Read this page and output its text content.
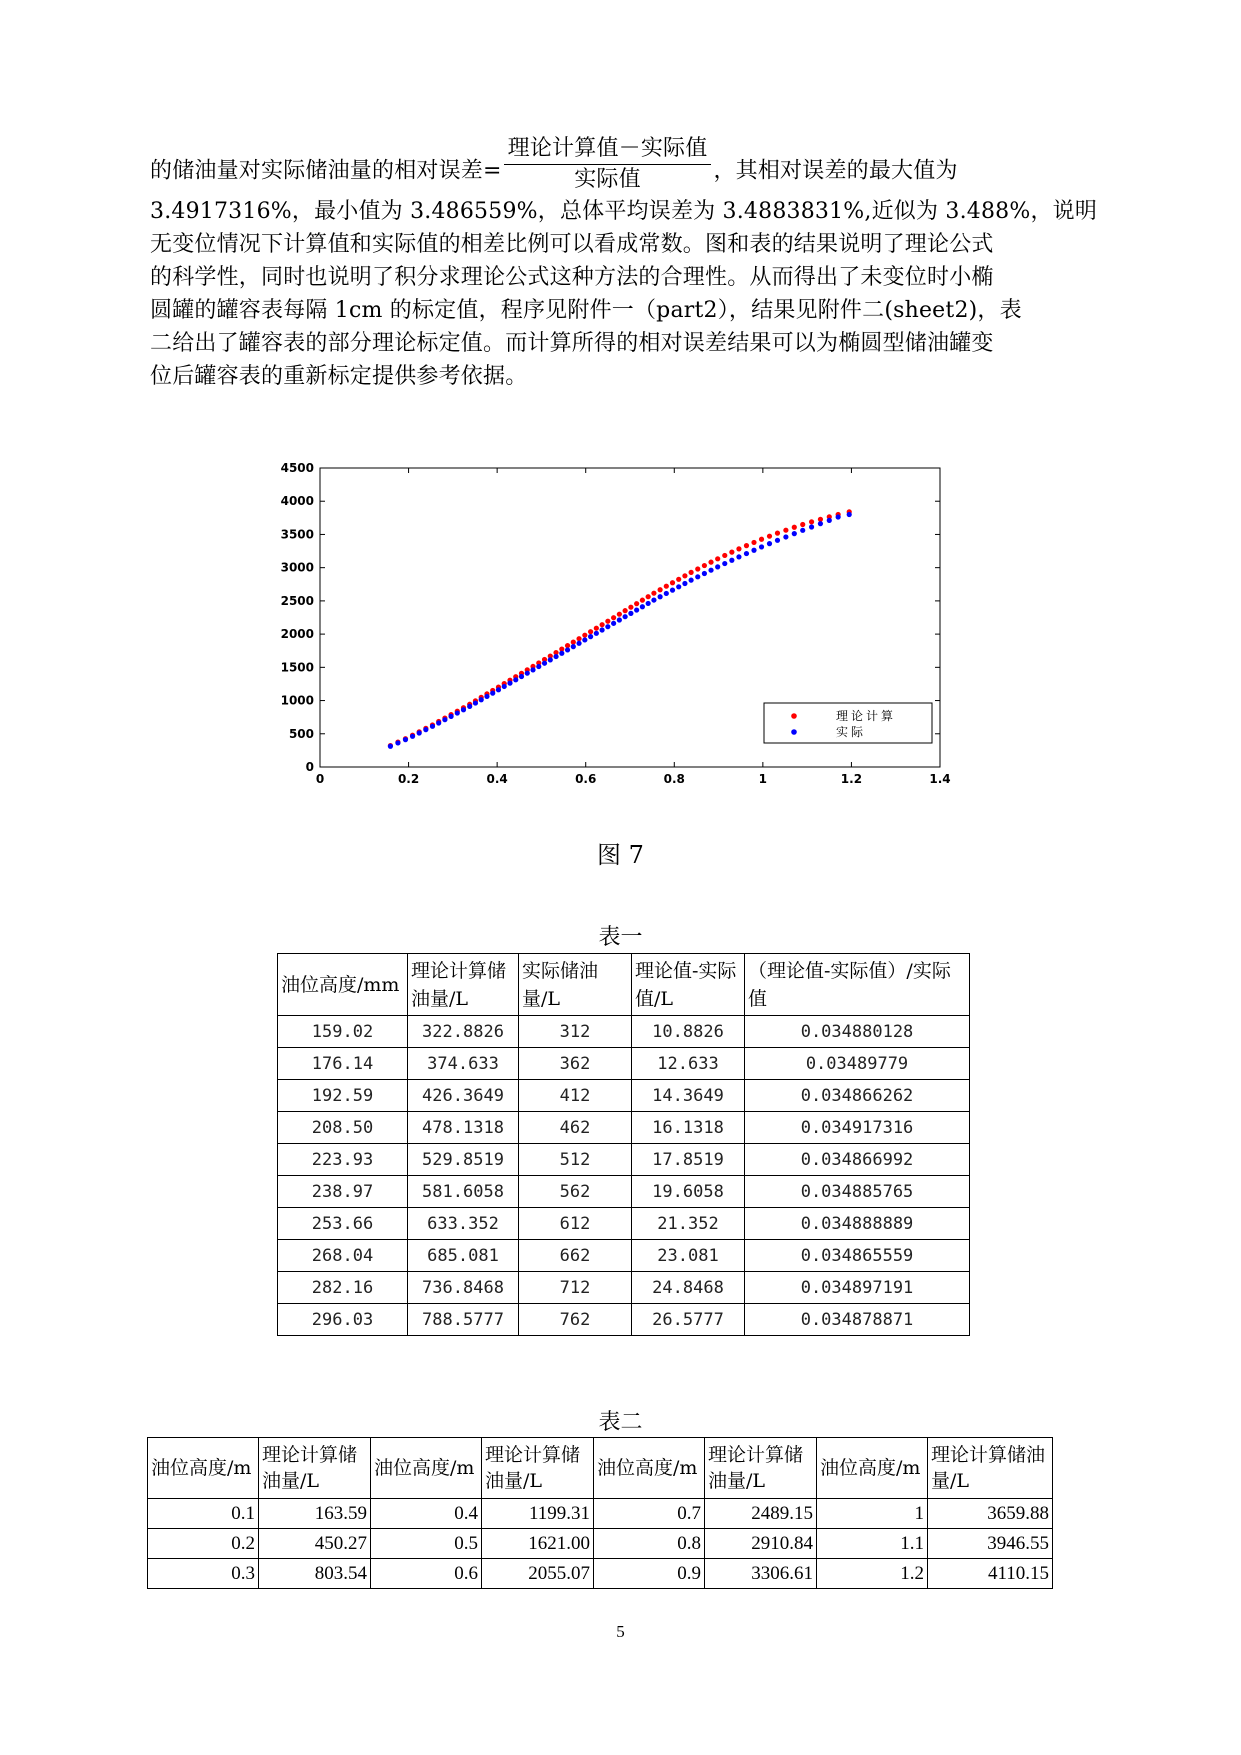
的储油量对实际储油量的相对误差= $\frac{\text{理论计算值－实际值}}{\text{实际值}}$ ，其相对误差的最大值为
3.4917316%，最小值为 3.486559%，总体平均误差为 3.4883831%,近似为 3.488%，说明
无变位情况下计算值和实际值的相差比例可以看成常数。图和表的结果说明了理论公式
的科学性，同时也说明了积分求理论公式这种方法的合理性。从而得出了未变位时小椭
圆罐的罐容表每隔 1cm 的标定值，程序见附件一（part2），结果见附件二(sheet2)，表
二给出了罐容表的部分理论标定值。而计算所得的相对误差结果可以为椭圆型储油罐变
位后罐容表的重新标定提供参考依据。
0	0.2	0.4	0.6	0.8	1	1.2	1.4
0
500
1000
1500
2000
2500
3000
3500
4000
4500
理论计算
实际
图 7
表一
油位高度/mm	理论计算储油量/L	实际储油量/L	理论值-实际值/L	（理论值-实际值）/实际值
159.02	322.8826	312	10.8826	0.034880128
176.14	374.633	362	12.633	0.03489779
192.59	426.3649	412	14.3649	0.034866262
208.50	478.1318	462	16.1318	0.034917316
223.93	529.8519	512	17.8519	0.034866992
238.97	581.6058	562	19.6058	0.034885765
253.66	633.352	612	21.352	0.034888889
268.04	685.081	662	23.081	0.034865559
282.16	736.8468	712	24.8468	0.034897191
296.03	788.5777	762	26.5777	0.034878871
表二
油位高度/m	理论计算储油量/L	油位高度/m	理论计算储油量/L	油位高度/m	理论计算储油量/L	油位高度/m	理论计算储油量/L
0.1	163.59	0.4	1199.31	0.7	2489.15	1	3659.88
0.2	450.27	0.5	1621.00	0.8	2910.84	1.1	3946.55
0.3	803.54	0.6	2055.07	0.9	3306.61	1.2	4110.15
5
